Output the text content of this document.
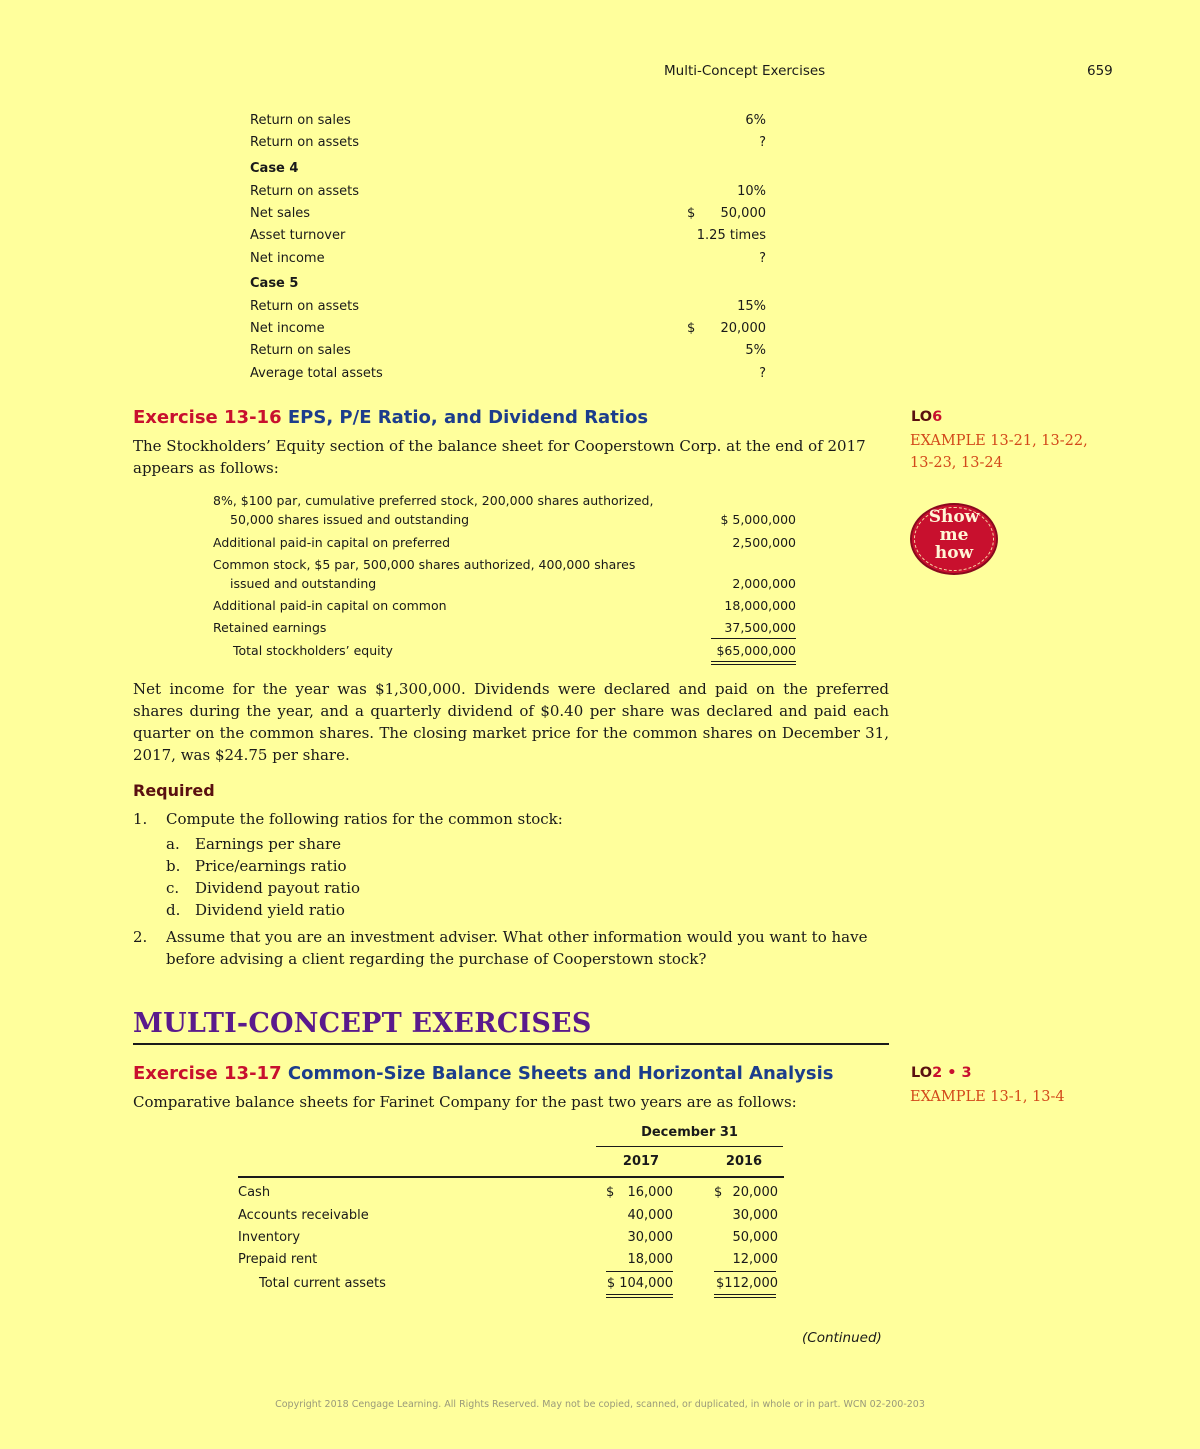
Multi-Concept Exercises	659
Return on sales	6%
Return on assets	?
Case 4
Return on assets	10%
Net sales	$ 50,000
Asset turnover	1.25 times
Net income	?
Case 5
Return on assets	15%
Net income	$ 20,000
Return on sales	5%
Average total assets	?
Exercise 13-16 EPS, P/E Ratio, and Dividend Ratios	LO6
EXAMPLE 13-21, 13-22,
13-23, 13-24
Show
me
how
The Stockholders’ Equity section of the balance sheet for Cooperstown Corp. at the end of 2017
appears as follows:
8%, $100 par, cumulative preferred stock, 200,000 shares authorized,
50,000 shares issued and outstanding	$ 5,000,000
Additional paid-in capital on preferred	2,500,000
Common stock, $5 par, 500,000 shares authorized, 400,000 shares
issued and outstanding	2,000,000
Additional paid-in capital on common	18,000,000
Retained earnings	37,500,000
Total stockholders’ equity	$65,000,000
Net income for the year was $1,300,000. Dividends were declared and paid on the preferred shares during the year, and a quarterly dividend of $0.40 per share was declared and paid each quarter on the common shares. The closing market price for the common shares on December 31, 2017, was $24.75 per share.
Required
1. Compute the following ratios for the common stock:
a. Earnings per share
b. Price/earnings ratio
c. Dividend payout ratio
d. Dividend yield ratio
2. Assume that you are an investment adviser. What other information would you want to have
before advising a client regarding the purchase of Cooperstown stock?
MULTI-CONCEPT EXERCISES
Exercise 13-17 Common-Size Balance Sheets and Horizontal Analysis	LO2 • 3
EXAMPLE 13-1, 13-4
Comparative balance sheets for Farinet Company for the past two years are as follows:
December 31
2017	2016
Cash	$ 16,000	$ 20,000
Accounts receivable	40,000	30,000
Inventory	30,000	50,000
Prepaid rent	18,000	12,000
Total current assets	$ 104,000	$112,000
(Continued)
Copyright 2018 Cengage Learning. All Rights Reserved. May not be copied, scanned, or duplicated, in whole or in part. WCN 02-200-203
